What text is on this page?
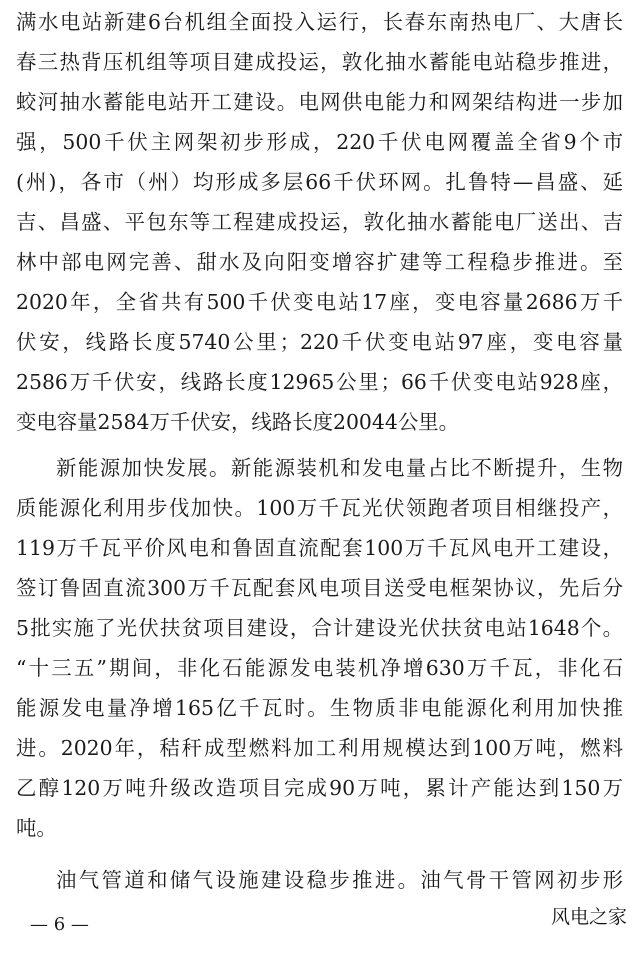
满水电站新建6台机组全面投入运行，长春东南热电厂、大唐长
春三热背压机组等项目建成投运，敦化抽水蓄能电站稳步推进，
蛟河抽水蓄能电站开工建设。电网供电能力和网架结构进一步加
强，500千伏主网架初步形成，220千伏电网覆盖全省9个市
(州)，各市（州）均形成多层66千伏环网。扎鲁特—昌盛、延
吉、昌盛、平包东等工程建成投运，敦化抽水蓄能电厂送出、吉
林中部电网完善、甜水及向阳变增容扩建等工程稳步推进。至
2020年，全省共有500千伏变电站17座，变电容量2686万千
伏安，线路长度5740公里；220千伏变电站97座，变电容量
2586万千伏安，线路长度12965公里；66千伏变电站928座，
变电容量2584万千伏安，线路长度20044公里。
新能源加快发展。新能源装机和发电量占比不断提升，生物
质能源化利用步伐加快。100万千瓦光伏领跑者项目相继投产，
119万千瓦平价风电和鲁固直流配套100万千瓦风电开工建设，
签订鲁固直流300万千瓦配套风电项目送受电框架协议，先后分
5批实施了光伏扶贫项目建设，合计建设光伏扶贫电站1648个。
“十三五”期间，非化石能源发电装机净增630万千瓦，非化石
能源发电量净增165亿千瓦时。生物质非电能源化利用加快推
进。2020年，秸秆成型燃料加工利用规模达到100万吨，燃料
乙醇120万吨升级改造项目完成90万吨，累计产能达到150万
吨。
油气管道和储气设施建设稳步推进。油气骨干管网初步形
— 6 —	风电之家
